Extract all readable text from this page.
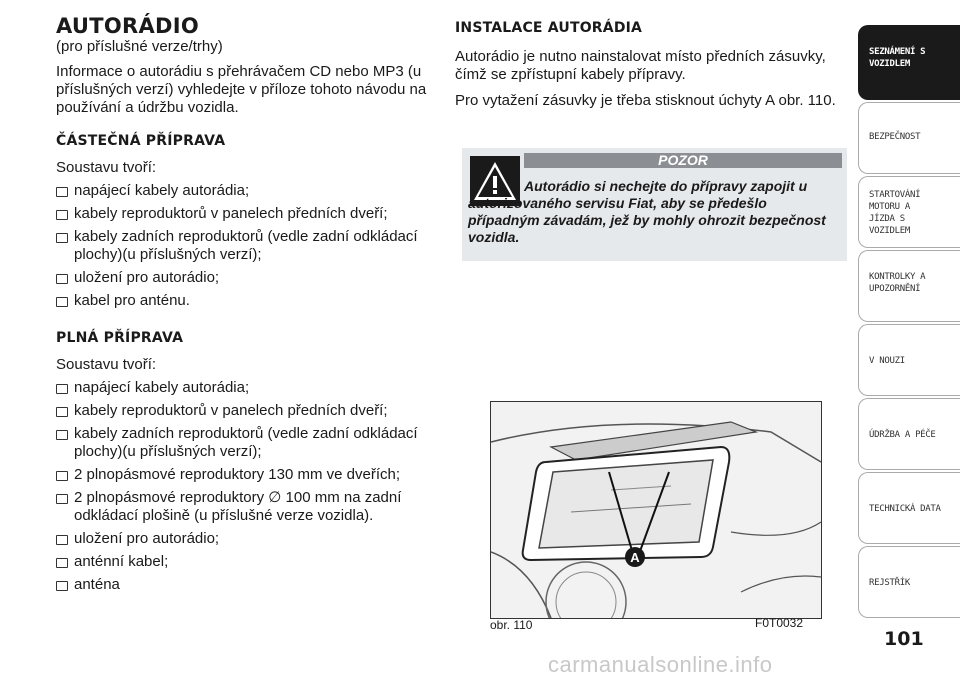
AUTORÁDIO
(pro příslušné verze/trhy)

Informace o autorádiu s přehrávačem CD nebo MP3 (u příslušných verzí) vyhledejte v příloze tohoto návodu na používání a údržbu vozidla.

ČÁSTEČNÁ PŘÍPRAVA

Soustavu tvoří:

napájecí kabely autorádia;
kabely reproduktorů v panelech předních dveří;
kabely zadních reproduktorů (vedle zadní odkládací plochy)(u příslušných verzí);
uložení pro autorádio;
kabel pro anténu.
PLNÁ PŘÍPRAVA

Soustavu tvoří:

napájecí kabely autorádia;
kabely reproduktorů v panelech předních dveří;
kabely zadních reproduktorů (vedle zadní odkládací plochy)(u příslušných verzí);
2 plnopásmové reproduktory 130 mm ve dveřích;
2 plnopásmové reproduktory ∅ 100 mm na zadní odkládací plošině (u příslušné verze vozidla).
uložení pro autorádio;
anténní kabel;
anténa
INSTALACE AUTORÁDIA

Autorádio je nutno nainstalovat místo předních zásuvky, čímž se zpřístupní kabely přípravy.

Pro vytažení zásuvky je třeba stisknout úchyty A obr. 110.

POZOR
Autorádio si nechejte do přípravy zapojit u autorizovaného servisu Fiat, aby se předešlo případným závadám, jež by mohly ohrozit bezpečnost vozidla.
A
obr. 110	F0T0032
SEZNÁMENÍ S VOZIDLEM
BEZPEČNOST
STARTOVÁNÍ MOTORU A JÍZDA S VOZIDLEM
KONTROLKY A UPOZORNĚNÍ
V NOUZI
ÚDRŽBA A PÉČE
TECHNICKÁ DATA
REJSTŘÍK
101
carmanualsonline.info
